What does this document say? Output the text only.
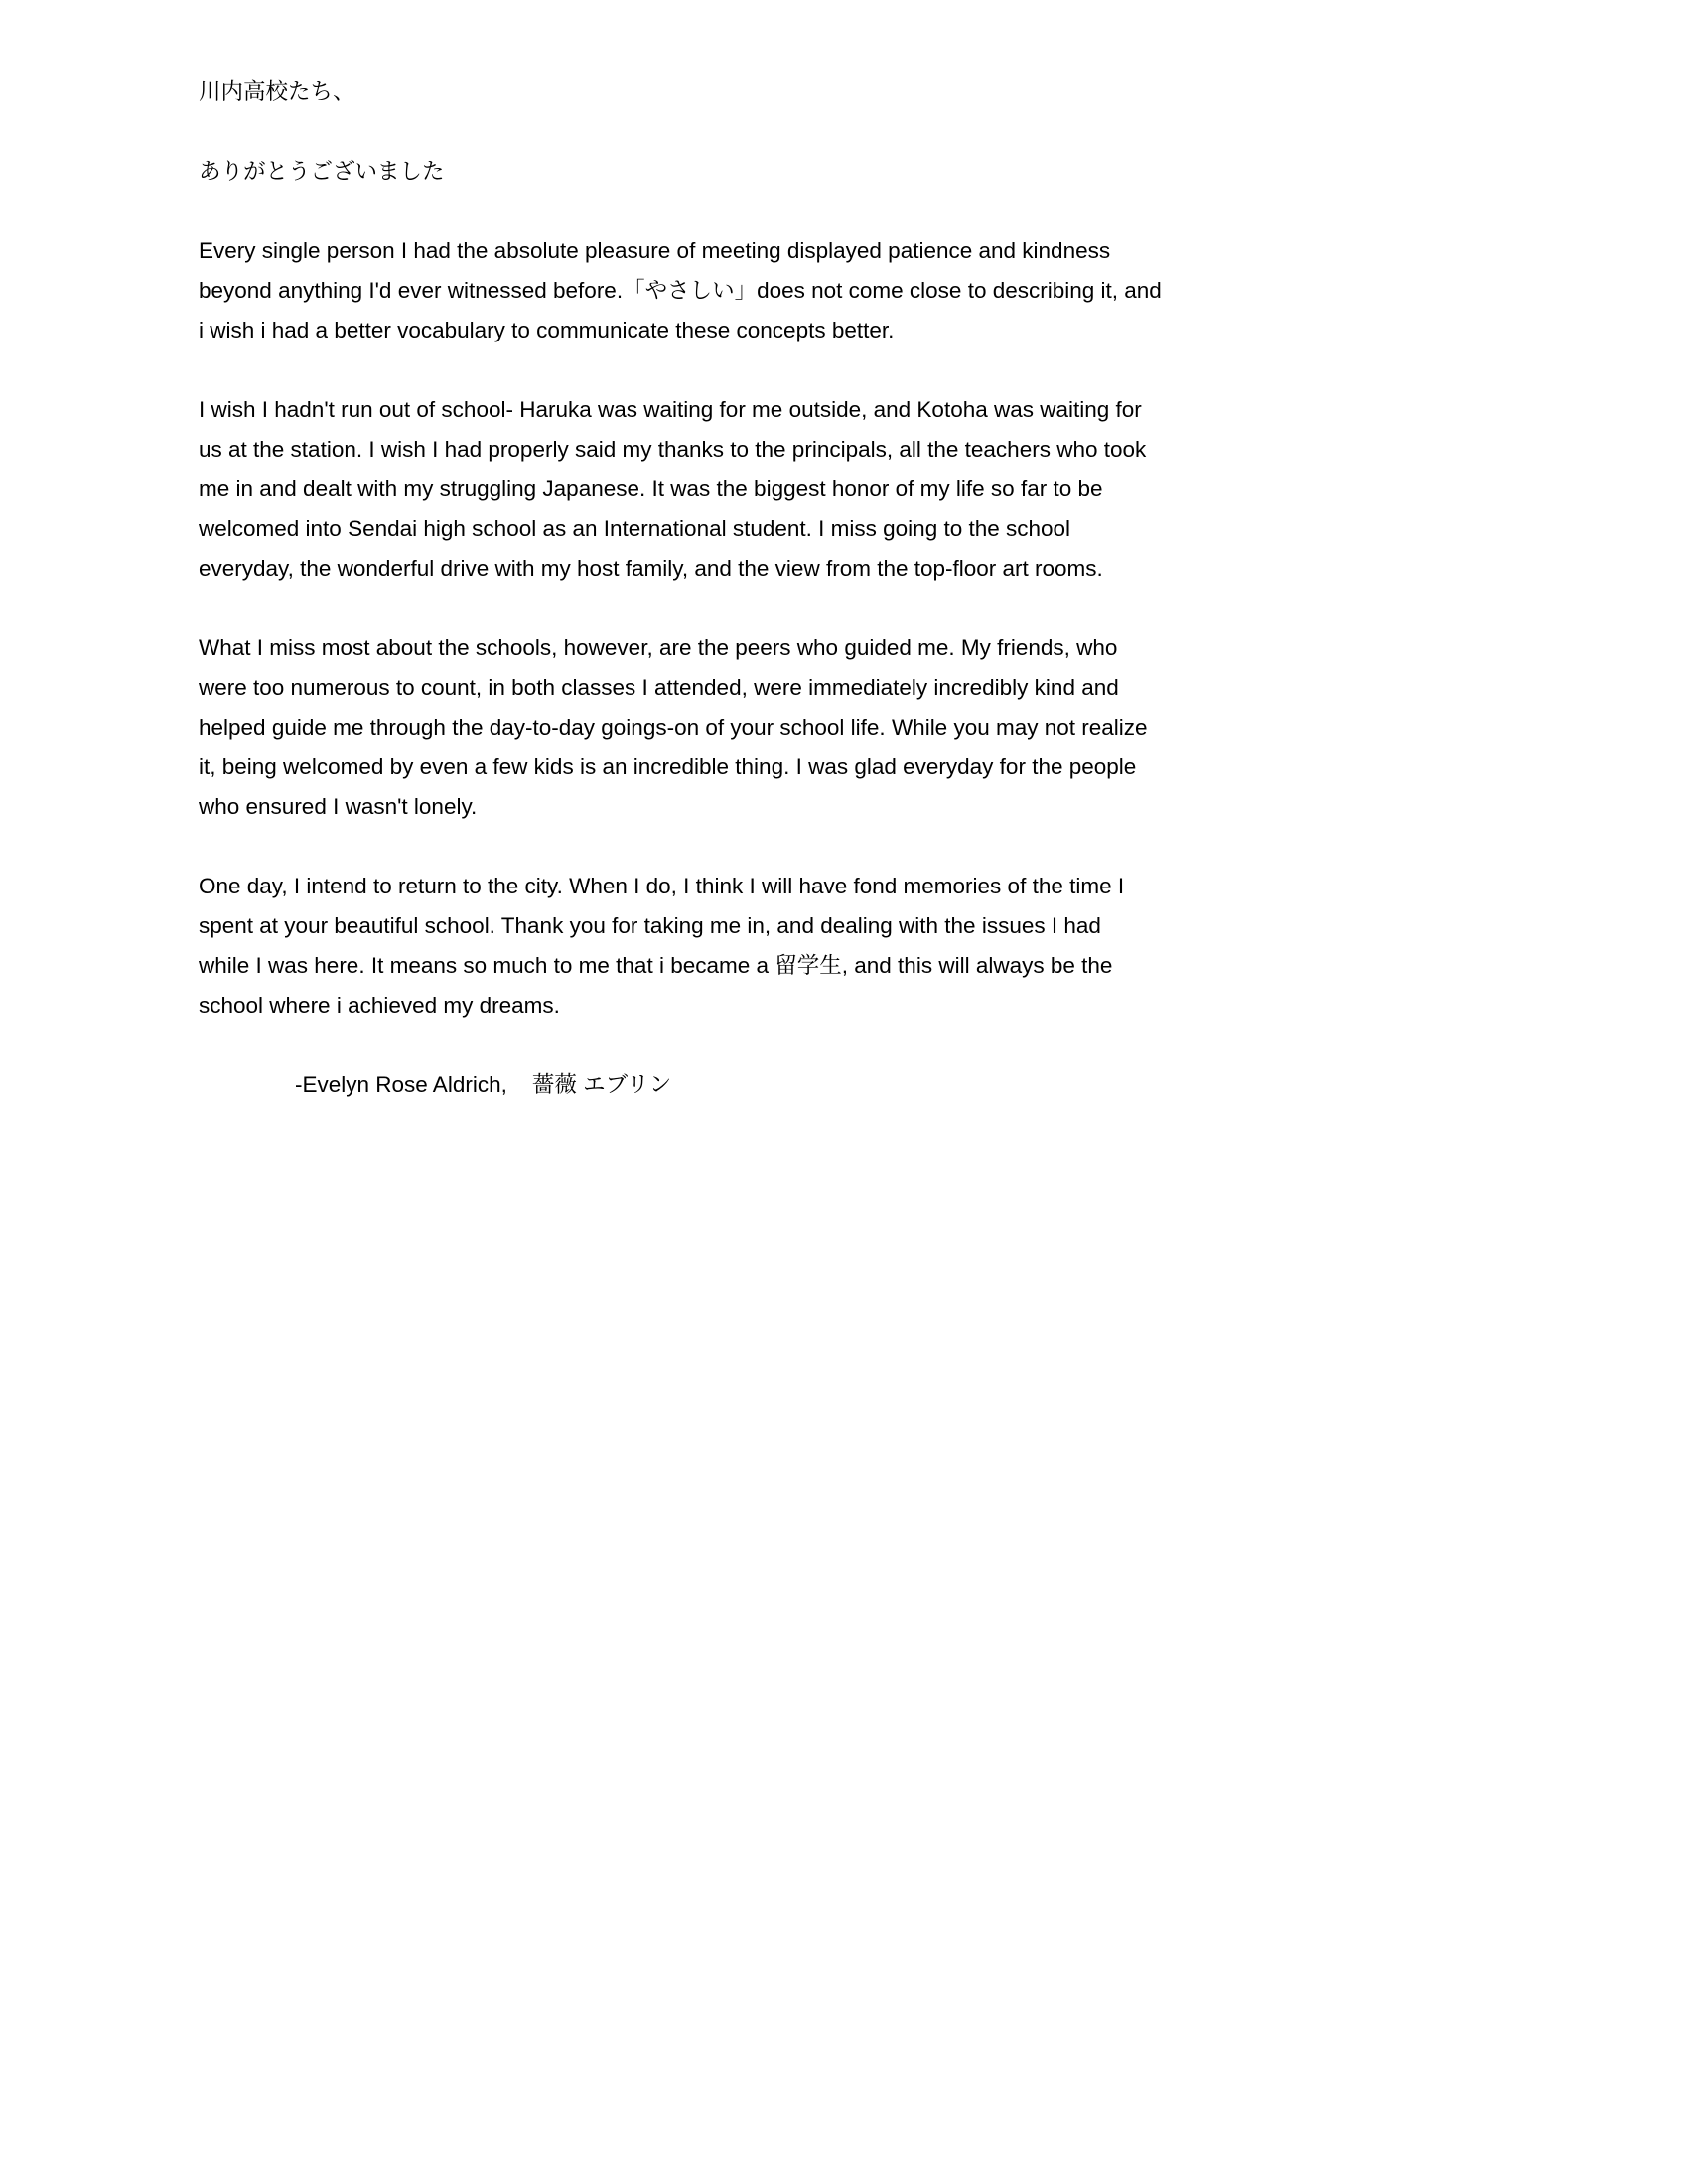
川内高校たち、

ありがとうございました

Every single person I had the absolute pleasure of meeting displayed patience and kindness
beyond anything I'd ever witnessed before.「やさしい」does not come close to describing it, and
i wish i had a better vocabulary to communicate these concepts better.

I wish I hadn't run out of school- Haruka was waiting for me outside, and Kotoha was waiting for
us at the station. I wish I had properly said my thanks to the principals, all the teachers who took
me in and dealt with my struggling Japanese. It was the biggest honor of my life so far to be
welcomed into Sendai high school as an International student. I miss going to the school
everyday, the wonderful drive with my host family, and the view from the top-floor art rooms.

What I miss most about the schools, however, are the peers who guided me. My friends, who
were too numerous to count, in both classes I attended, were immediately incredibly kind and
helped guide me through the day-to-day goings-on of your school life. While you may not realize
it, being welcomed by even a few kids is an incredible thing. I was glad everyday for the people
who ensured I wasn't lonely.

One day, I intend to return to the city. When I do, I think I will have fond memories of the time I
spent at your beautiful school. Thank you for taking me in, and dealing with the issues I had
while I was here. It means so much to me that i became a 留学生, and this will always be the
school where i achieved my dreams.

-Evelyn Rose Aldrich,    薔薇 エブリン
